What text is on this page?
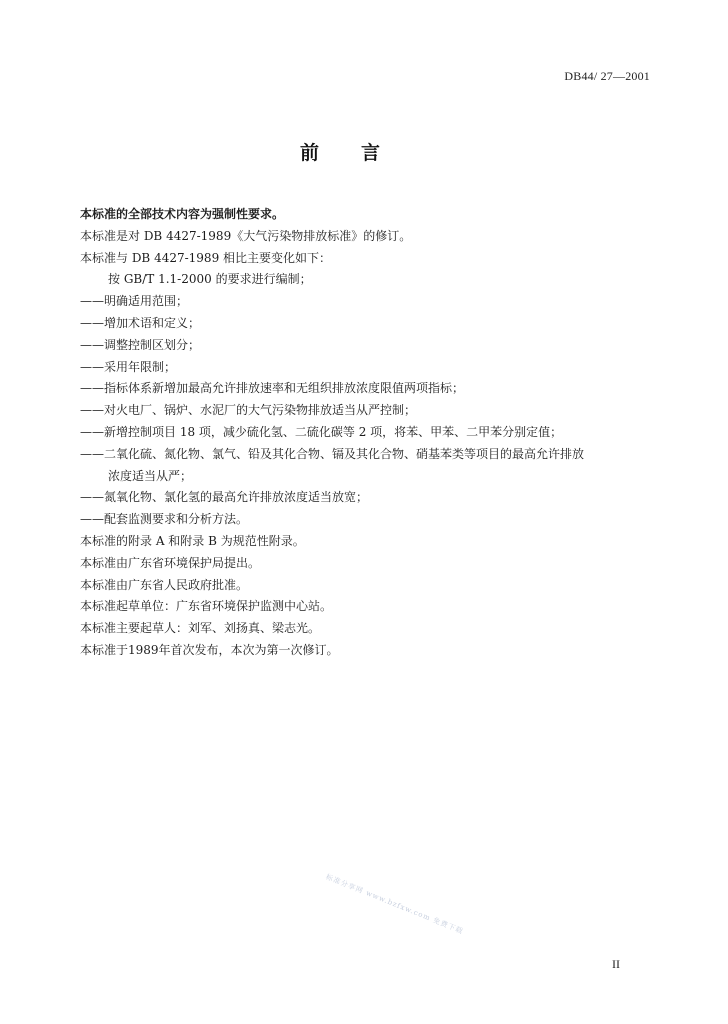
DB44/ 27—2001
前言
本标准的全部技术内容为强制性要求。
本标准是对 DB 4427-1989《大气污染物排放标准》的修订。
本标准与 DB 4427-1989 相比主要变化如下：
按 GB/T 1.1-2000 的要求进行编制；
——明确适用范围；
——增加术语和定义；
——调整控制区划分；
——采用年限制；
——指标体系新增加最高允许排放速率和无组织排放浓度限值两项指标；
——对火电厂、锅炉、水泥厂的大气污染物排放适当从严控制；
——新增控制项目 18 项，减少硫化氢、二硫化碳等 2 项，将苯、甲苯、二甲苯分别定值；
——二氧化硫、氮化物、氯气、铅及其化合物、镉及其化合物、硝基苯类等项目的最高允许排放
浓度适当从严；
——氮氧化物、氯化氢的最高允许排放浓度适当放宽；
——配套监测要求和分析方法。
本标准的附录 A 和附录 B 为规范性附录。
本标准由广东省环境保护局提出。
本标准由广东省人民政府批准。
本标准起草单位：广东省环境保护监测中心站。
本标准主要起草人：刘军、刘扬真、梁志光。
本标准于1989年首次发布，本次为第一次修订。
标准分享网 www.bzfxw.com 免费下载
II
